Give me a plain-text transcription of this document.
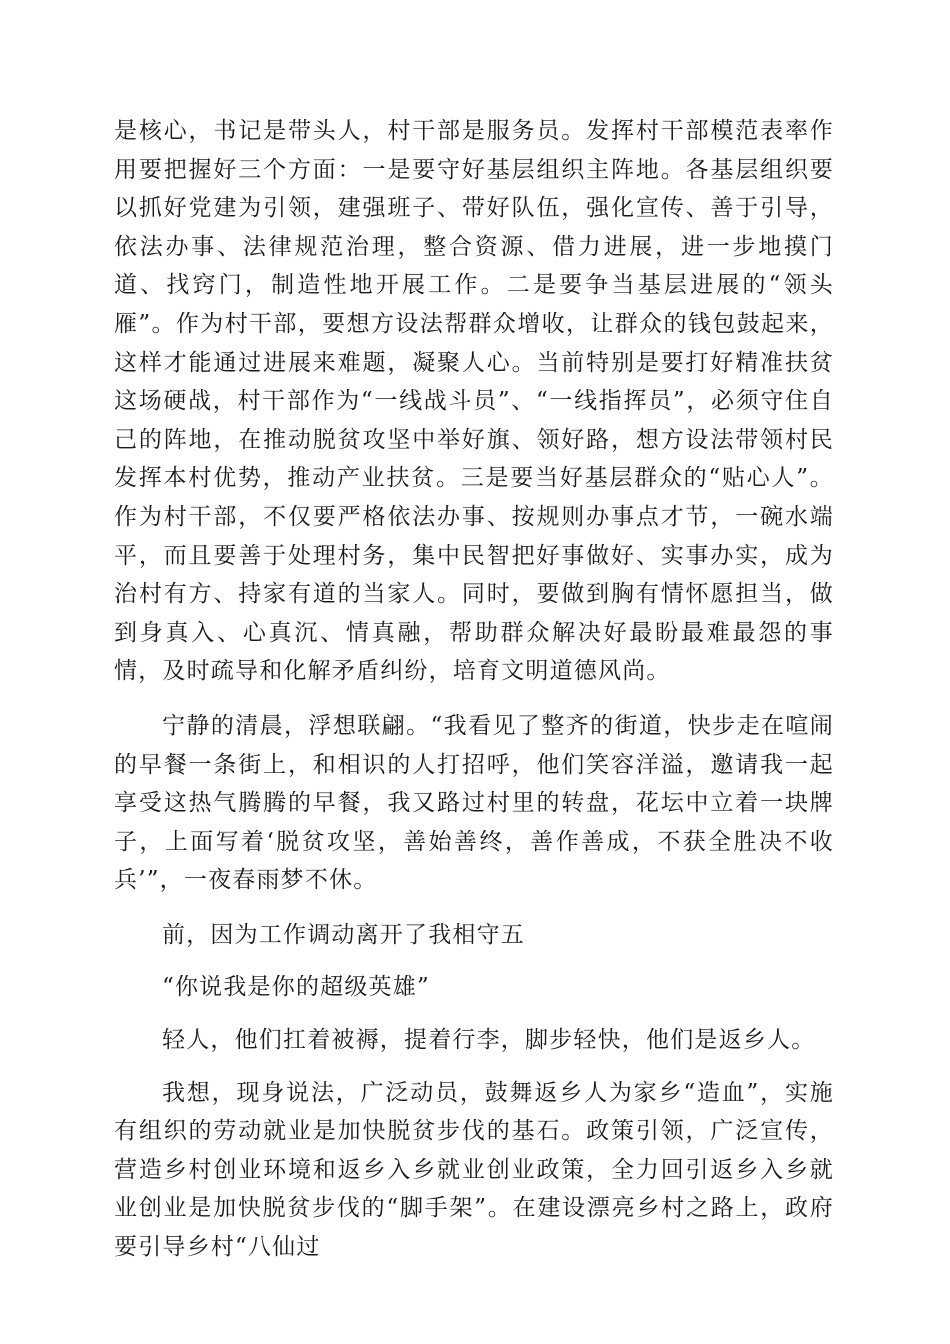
是核心，书记是带头人，村干部是服务员。发挥村干部模范表率作用要把握好三个方面：一是要守好基层组织主阵地。各基层组织要以抓好党建为引领，建强班子、带好队伍，强化宣传、善于引导，依法办事、法律规范治理，整合资源、借力进展，进一步地摸门道、找窍门，制造性地开展工作。二是要争当基层进展的“领头雁”。作为村干部，要想方设法帮群众增收，让群众的钱包鼓起来，这样才能通过进展来难题，凝聚人心。当前特别是要打好精准扶贫这场硬战，村干部作为“一线战斗员”、“一线指挥员”，必须守住自己的阵地，在推动脱贫攻坚中举好旗、领好路，想方设法带领村民发挥本村优势，推动产业扶贫。三是要当好基层群众的“贴心人”。作为村干部，不仅要严格依法办事、按规则办事点才节，一碗水端平，而且要善于处理村务，集中民智把好事做好、实事办实，成为治村有方、持家有道的当家人。同时，要做到胸有情怀愿担当，做到身真入、心真沉、情真融，帮助群众解决好最盼最难最怨的事情，及时疏导和化解矛盾纠纷，培育文明道德风尚。

宁静的清晨，浮想联翩。“我看见了整齐的街道，快步走在喧闹的早餐一条街上，和相识的人打招呼，他们笑容洋溢，邀请我一起享受这热气腾腾的早餐，我又路过村里的转盘，花坛中立着一块牌子，上面写着‘脱贫攻坚，善始善终，善作善成，不获全胜决不收兵’”，一夜春雨梦不休。

前，因为工作调动离开了我相守五

“你说我是你的超级英雄”

轻人，他们扛着被褥，提着行李，脚步轻快，他们是返乡人。

我想，现身说法，广泛动员，鼓舞返乡人为家乡“造血”，实施有组织的劳动就业是加快脱贫步伐的基石。政策引领，广泛宣传，营造乡村创业环境和返乡入乡就业创业政策，全力回引返乡入乡就业创业是加快脱贫步伐的“脚手架”。在建设漂亮乡村之路上，政府要引导乡村“八仙过
